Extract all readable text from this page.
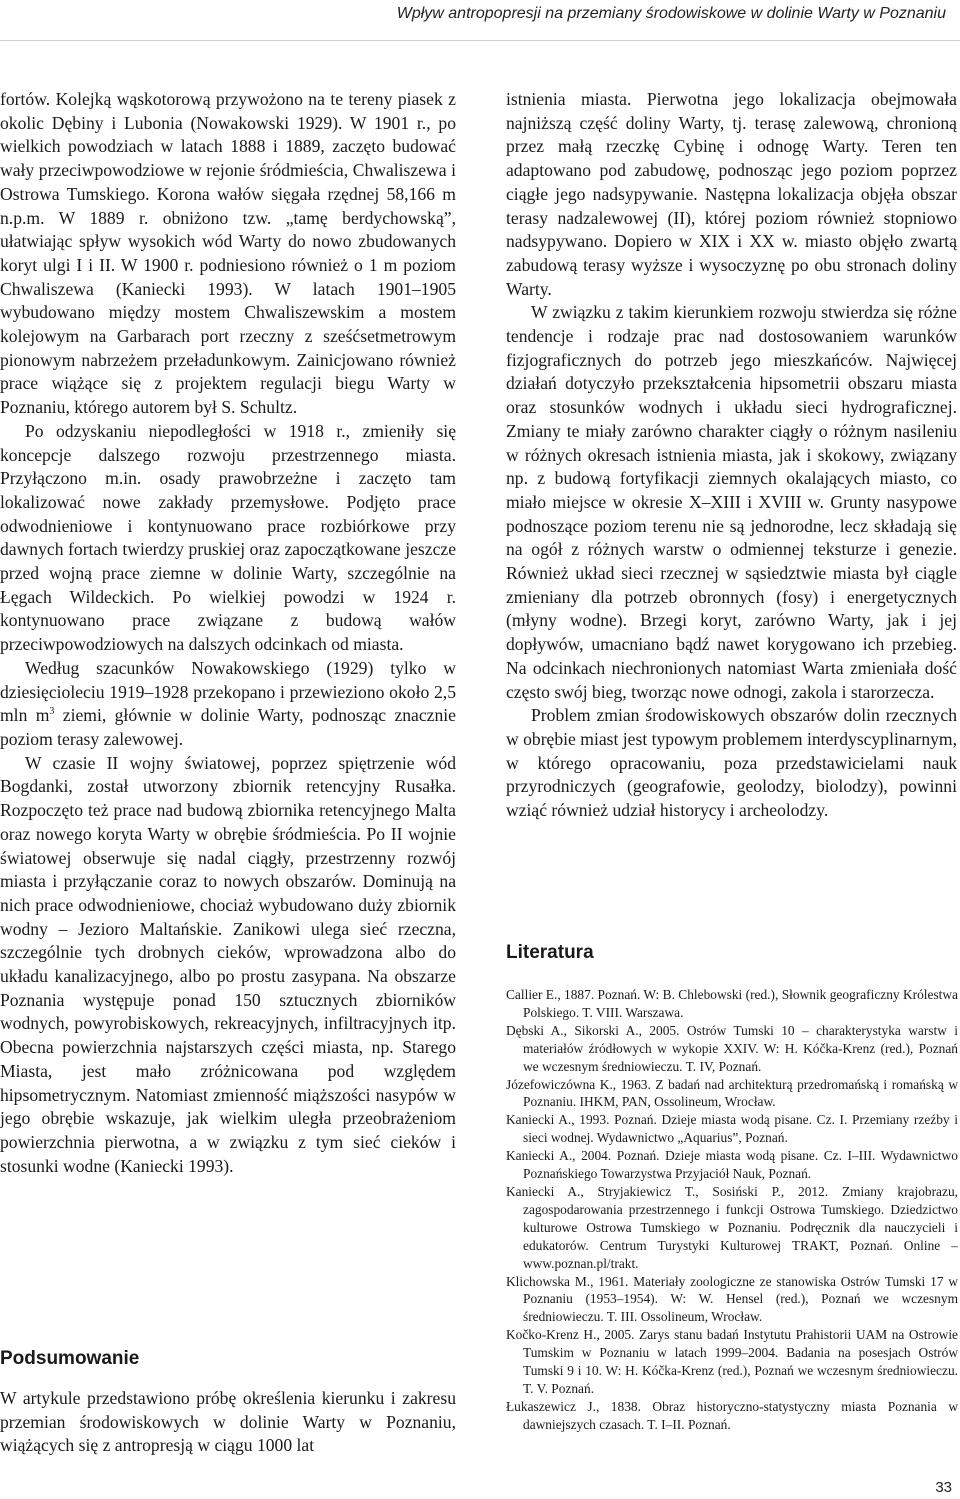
Wpływ antropopresji na przemiany środowiskowe w dolinie Warty w Poznaniu

fortów. Kolejką wąskotorową przywożono na te tereny piasek z okolic Dębiny i Lubonia (Nowakowski 1929). W 1901 r., po wielkich powodziach w latach 1888 i 1889, zaczęto budować wały przeciwpowodziowe w rejonie śródmieścia, Chwaliszewa i Ostrowa Tumskiego. Korona wałów sięgała rzędnej 58,166 m n.p.m. W 1889 r. obniżono tzw. „tamę berdychowską”, ułatwiając spływ wysokich wód Warty do nowo zbudowanych koryt ulgi I i II. W 1900 r. podniesiono również o 1 m poziom Chwaliszewa (Kaniecki 1993). W latach 1901–1905 wybudowano między mostem Chwaliszewskim a mostem kolejowym na Garbarach port rzeczny z sześćsetmetrowym pionowym nabrzeżem przeładunkowym. Zainicjowano również prace wiążące się z projektem regulacji biegu Warty w Poznaniu, którego autorem był S. Schultz.

Po odzyskaniu niepodległości w 1918 r., zmieniły się koncepcje dalszego rozwoju przestrzennego miasta. Przyłączono m.in. osady prawobrzeżne i zaczęto tam lokalizować nowe zakłady przemysłowe. Podjęto prace odwodnieniowe i kontynuowano prace rozbiórkowe przy dawnych fortach twierdzy pruskiej oraz zapoczątkowane jeszcze przed wojną prace ziemne w dolinie Warty, szczególnie na Łęgach Wildeckich. Po wielkiej powodzi w 1924 r. kontynuowano prace związane z budową wałów przeciwpowodziowych na dalszych odcinkach od miasta.

Według szacunków Nowakowskiego (1929) tylko w dziesięcioleciu 1919–1928 przekopano i przewieziono około 2,5 mln $m^3$ ziemi, głównie w dolinie Warty, podnosząc znacznie poziom terasy zalewowej.

W czasie II wojny światowej, poprzez spiętrzenie wód Bogdanki, został utworzony zbiornik retencyjny Rusałka. Rozpoczęto też prace nad budową zbiornika retencyjnego Malta oraz nowego koryta Warty w obrębie śródmieścia. Po II wojnie światowej obserwuje się nadal ciągły, przestrzenny rozwój miasta i przyłączanie coraz to nowych obszarów. Dominują na nich prace odwodnieniowe, chociaż wybudowano duży zbiornik wodny – Jezioro Maltańskie. Zanikowi ulega sieć rzeczna, szczególnie tych drobnych cieków, wprowadzona albo do układu kanalizacyjnego, albo po prostu zasypana. Na obszarze Poznania występuje ponad 150 sztucznych zbiorników wodnych, powyrobiskowych, rekreacyjnych, infiltracyjnych itp. Obecna powierzchnia najstarszych części miasta, np. Starego Miasta, jest mało zróżnicowana pod względem hipsometrycznym. Natomiast zmienność miąższości nasypów w jego obrębie wskazuje, jak wielkim uległa przeobrażeniom powierzchnia pierwotna, a w związku z tym sieć cieków i stosunki wodne (Kaniecki 1993).

Podsumowanie

W artykule przedstawiono próbę określenia kierunku i zakresu przemian środowiskowych w dolinie Warty w Poznaniu, wiążących się z antropresją w ciągu 1000 lat

istnienia miasta. Pierwotna jego lokalizacja obejmowała najniższą część doliny Warty, tj. terasę zalewową, chronioną przez małą rzeczkę Cybinę i odnogę Warty. Teren ten adaptowano pod zabudowę, podnosząc jego poziom poprzez ciągłe jego nadsypywanie. Następna lokalizacja objęła obszar terasy nadzalewowej (II), której poziom również stopniowo nadsypywano. Dopiero w XIX i XX w. miasto objęło zwartą zabudową terasy wyższe i wysoczyznę po obu stronach doliny Warty.

W związku z takim kierunkiem rozwoju stwierdza się różne tendencje i rodzaje prac nad dostosowaniem warunków fizjograficznych do potrzeb jego mieszkańców. Najwięcej działań dotyczyło przekształcenia hipsometrii obszaru miasta oraz stosunków wodnych i układu sieci hydrograficznej. Zmiany te miały zarówno charakter ciągły o różnym nasileniu w różnych okresach istnienia miasta, jak i skokowy, związany np. z budową fortyfikacji ziemnych okalających miasto, co miało miejsce w okresie X–XIII i XVIII w. Grunty nasypowe podnoszące poziom terenu nie są jednorodne, lecz składają się na ogół z różnych warstw o odmiennej teksturze i genezie. Również układ sieci rzecznej w sąsiedztwie miasta był ciągle zmieniany dla potrzeb obronnych (fosy) i energetycznych (młyny wodne). Brzegi koryt, zarówno Warty, jak i jej dopływów, umacniano bądź nawet korygowano ich przebieg. Na odcinkach niechronionych natomiast Warta zmieniała dość często swój bieg, tworząc nowe odnogi, zakola i starorzecza.

Problem zmian środowiskowych obszarów dolin rzecznych w obrębie miast jest typowym problemem interdyscyplinarnym, w którego opracowaniu, poza przedstawicielami nauk przyrodniczych (geografowie, geolodzy, biolodzy), powinni wziąć również udział historycy i archeolodzy.

Literatura

Callier E., 1887. Poznań. W: B. Chlebowski (red.), Słownik geograficzny Królestwa Polskiego. T. VIII. Warszawa.

Dębski A., Sikorski A., 2005. Ostrów Tumski 10 – charakterystyka warstw i materiałów źródłowych w wykopie XXIV. W: H. Kóčka-Krenz (red.), Poznań we wczesnym średniowieczu. T. IV, Poznań.

Józefowiczówna K., 1963. Z badań nad architekturą przedromańską i romańską w Poznaniu. IHKM, PAN, Ossolineum, Wrocław.

Kaniecki A., 1993. Poznań. Dzieje miasta wodą pisane. Cz. I. Przemiany rzeźby i sieci wodnej. Wydawnictwo „Aquarius”, Poznań.

Kaniecki A., 2004. Poznań. Dzieje miasta wodą pisane. Cz. I–III. Wydawnictwo Poznańskiego Towarzystwa Przyjaciół Nauk, Poznań.

Kaniecki A., Stryjakiewicz T., Sosiński P., 2012. Zmiany krajobrazu, zagospodarowania przestrzennego i funkcji Ostrowa Tumskiego. Dziedzictwo kulturowe Ostrowa Tumskiego w Poznaniu. Podręcznik dla nauczycieli i edukatorów. Centrum Turystyki Kulturowej TRAKT, Poznań. Online – www.poznan.pl/trakt.

Klichowska M., 1961. Materiały zoologiczne ze stanowiska Ostrów Tumski 17 w Poznaniu (1953–1954). W: W. Hensel (red.), Poznań we wczesnym średniowieczu. T. III. Ossolineum, Wrocław.

Kočko-Krenz H., 2005. Zarys stanu badań Instytutu Prahistorii UAM na Ostrowie Tumskim w Poznaniu w latach 1999–2004. Badania na posesjach Ostrów Tumski 9 i 10. W: H. Kóčka-Krenz (red.), Poznań we wczesnym średniowieczu. T. V. Poznań.

Łukaszewicz J., 1838. Obraz historyczno-statystyczny miasta Poznania w dawniejszych czasach. T. I–II. Poznań.

33
